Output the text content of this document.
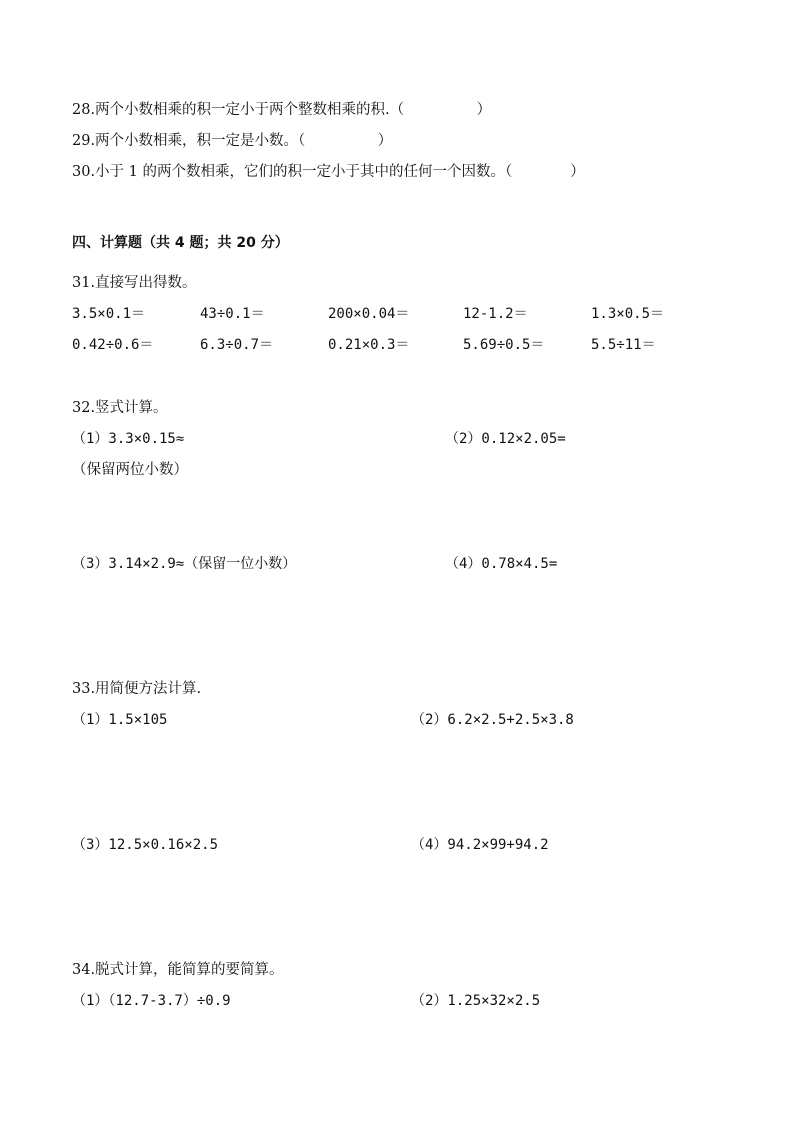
28.两个小数相乘的积一定小于两个整数相乘的积.（　　　　　）
29.两个小数相乘，积一定是小数。（　　　　　）
30.小于 1 的两个数相乘，它们的积一定小于其中的任何一个因数。（　　　　）
四、计算题（共 4 题；共 20 分）
31.直接写出得数。
3.5×0.1＝	43÷0.1＝	200×0.04＝	12-1.2＝	1.3×0.5＝
0.42÷0.6＝	6.3÷0.7＝	0.21×0.3＝	5.69÷0.5＝	5.5÷11＝
32.竖式计算。
（1）3.3×0.15≈	（2）0.12×2.05=
（保留两位小数）
（3）3.14×2.9≈（保留一位小数）	（4）0.78×4.5=
33.用简便方法计算.
（1）1.5×105	（2）6.2×2.5+2.5×3.8
（3）12.5×0.16×2.5	（4）94.2×99+94.2
34.脱式计算，能简算的要简算。
（1）（12.7-3.7）÷0.9	（2）1.25×32×2.5
